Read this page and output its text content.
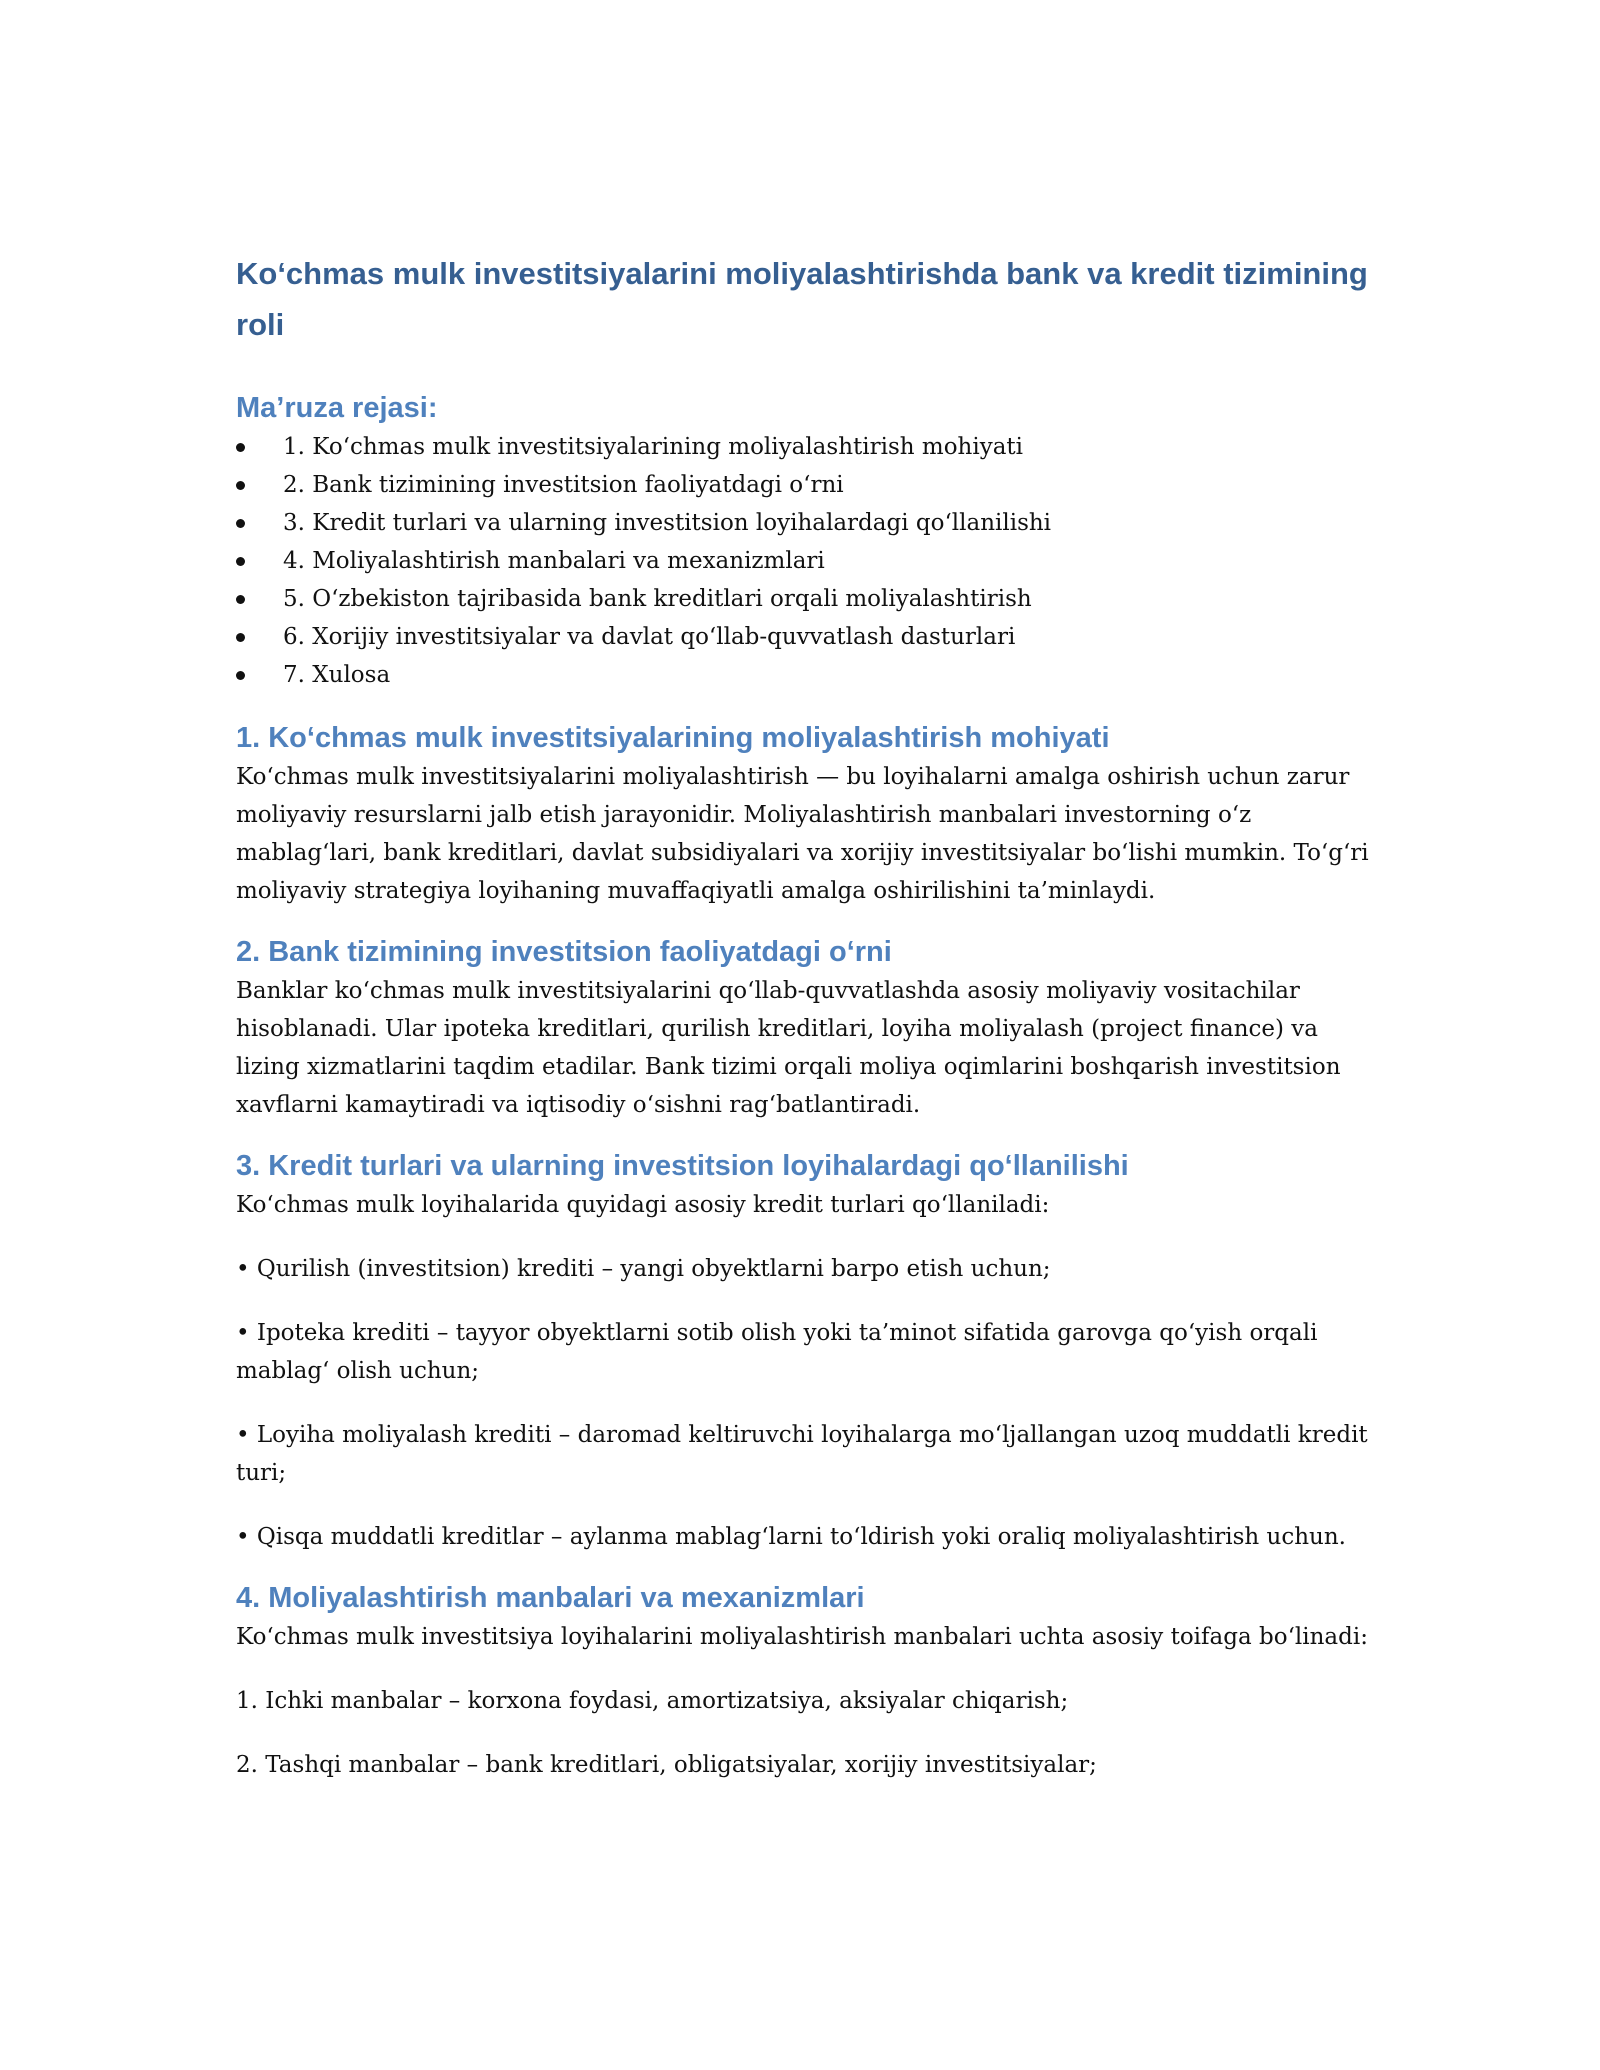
Ko‘chmas mulk investitsiyalarini moliyalashtirishda bank va kredit tizimining roli
Ma’ruza rejasi:
1. Ko‘chmas mulk investitsiyalarining moliyalashtirish mohiyati
2. Bank tizimining investitsion faoliyatdagi o‘rni
3. Kredit turlari va ularning investitsion loyihalardagi qo‘llanilishi
4. Moliyalashtirish manbalari va mexanizmlari
5. O‘zbekiston tajribasida bank kreditlari orqali moliyalashtirish
6. Xorijiy investitsiyalar va davlat qo‘llab-quvvatlash dasturlari
7. Xulosa
1. Ko‘chmas mulk investitsiyalarining moliyalashtirish mohiyati

Ko‘chmas mulk investitsiyalarini moliyalashtirish — bu loyihalarni amalga oshirish uchun zarur moliyaviy resurslarni jalb etish jarayonidir. Moliyalashtirish manbalari investorning o‘z mablag‘lari, bank kreditlari, davlat subsidiyalari va xorijiy investitsiyalar bo‘lishi mumkin. To‘g‘ri moliyaviy strategiya loyihaning muvaffaqiyatli amalga oshirilishini ta’minlaydi.

2. Bank tizimining investitsion faoliyatdagi o‘rni

Banklar ko‘chmas mulk investitsiyalarini qo‘llab-quvvatlashda asosiy moliyaviy vositachilar hisoblanadi. Ular ipoteka kreditlari, qurilish kreditlari, loyiha moliyalash (project finance) va lizing xizmatlarini taqdim etadilar. Bank tizimi orqali moliya oqimlarini boshqarish investitsion xavflarni kamaytiradi va iqtisodiy o‘sishni rag‘batlantiradi.

3. Kredit turlari va ularning investitsion loyihalardagi qo‘llanilishi

Ko‘chmas mulk loyihalarida quyidagi asosiy kredit turlari qo‘llaniladi:

• Qurilish (investitsion) krediti – yangi obyektlarni barpo etish uchun;

• Ipoteka krediti – tayyor obyektlarni sotib olish yoki ta’minot sifatida garovga qo‘yish orqali mablag‘ olish uchun;

• Loyiha moliyalash krediti – daromad keltiruvchi loyihalarga mo‘ljallangan uzoq muddatli kredit turi;

• Qisqa muddatli kreditlar – aylanma mablag‘larni to‘ldirish yoki oraliq moliyalashtirish uchun.

4. Moliyalashtirish manbalari va mexanizmlari

Ko‘chmas mulk investitsiya loyihalarini moliyalashtirish manbalari uchta asosiy toifaga bo‘linadi:

1. Ichki manbalar – korxona foydasi, amortizatsiya, aksiyalar chiqarish;

2. Tashqi manbalar – bank kreditlari, obligatsiyalar, xorijiy investitsiyalar;
